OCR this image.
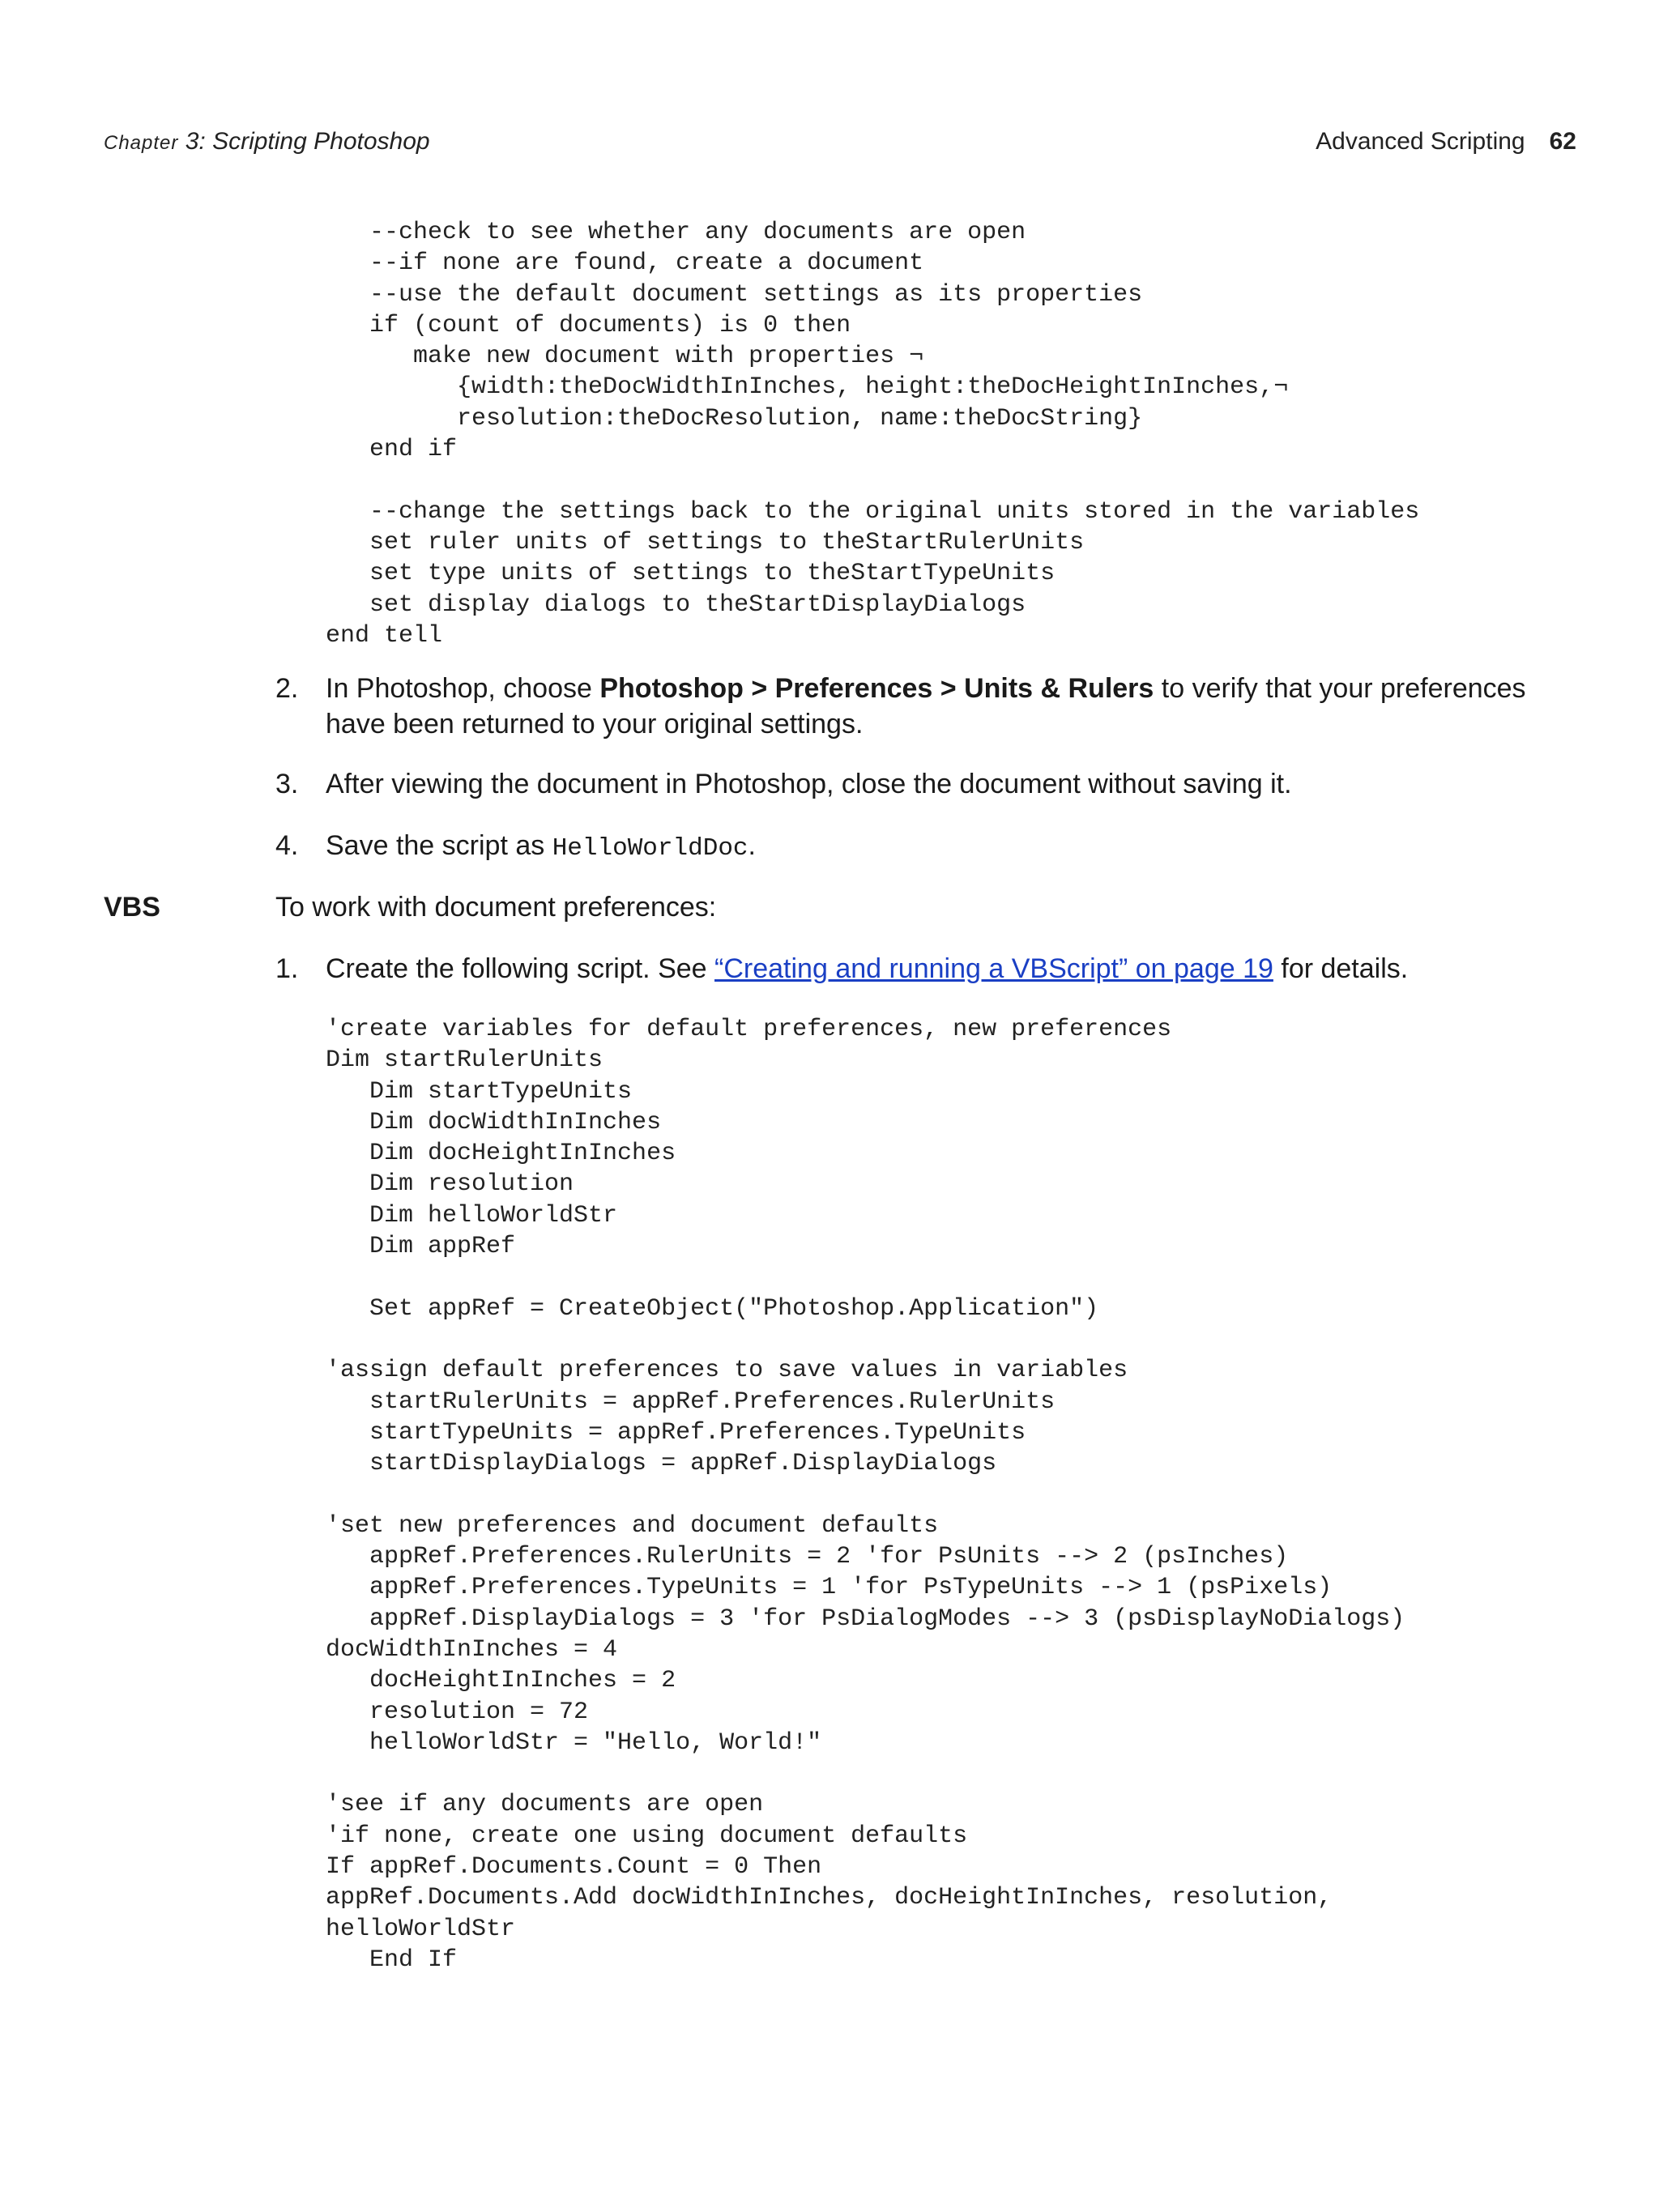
Chapter 3: Scripting Photoshop	Advanced Scripting 62
--check to see whether any documents are open
--if none are found, create a document
--use the default document settings as its properties
if (count of documents) is 0 then
make new document with properties ¬
{width:theDocWidthInInches, height:theDocHeightInInches,¬
resolution:theDocResolution, name:theDocString}
end if

--change the settings back to the original units stored in the variables
set ruler units of settings to theStartRulerUnits
set type units of settings to theStartTypeUnits
set display dialogs to theStartDisplayDialogs
end tell

2. In Photoshop, choose Photoshop > Preferences > Units & Rulers to verify that your preferences have been returned to your original settings.
3. After viewing the document in Photoshop, close the document without saving it.
4. Save the script as HelloWorldDoc.
VBS	To work with document preferences:
1. Create the following script. See “Creating and running a VBScript” on page 19 for details.
'create variables for default preferences, new preferences
Dim startRulerUnits
Dim startTypeUnits
Dim docWidthInInches
Dim docHeightInInches
Dim resolution
Dim helloWorldStr
Dim appRef

Set appRef = CreateObject("Photoshop.Application")

'assign default preferences to save values in variables
startRulerUnits = appRef.Preferences.RulerUnits
startTypeUnits = appRef.Preferences.TypeUnits
startDisplayDialogs = appRef.DisplayDialogs

'set new preferences and document defaults
appRef.Preferences.RulerUnits = 2 'for PsUnits --> 2 (psInches)
appRef.Preferences.TypeUnits = 1 'for PsTypeUnits --> 1 (psPixels)
appRef.DisplayDialogs = 3 'for PsDialogModes --> 3 (psDisplayNoDialogs)
docWidthInInches = 4
docHeightInInches = 2
resolution = 72
helloWorldStr = "Hello, World!"

'see if any documents are open
'if none, create one using document defaults
If appRef.Documents.Count = 0 Then
appRef.Documents.Add docWidthInInches, docHeightInInches, resolution,
helloWorldStr
End If
